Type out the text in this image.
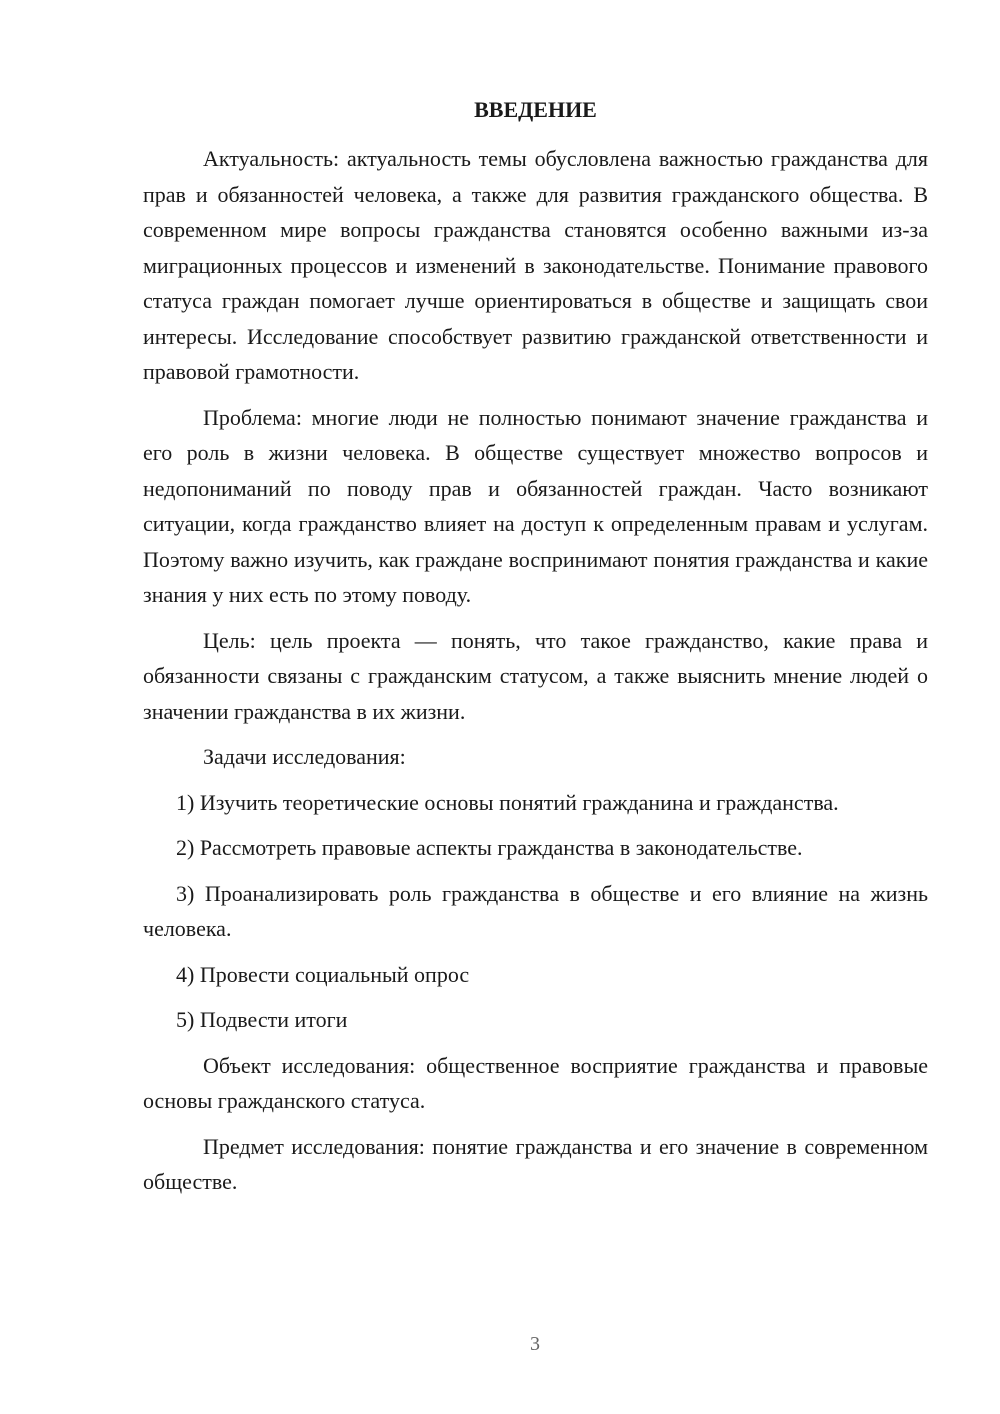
ВВЕДЕНИЕ

Актуальность: актуальность темы обусловлена важностью гражданства для прав и обязанностей человека, а также для развития гражданского общества. В современном мире вопросы гражданства становятся особенно важными из-за миграционных процессов и изменений в законодательстве. Понимание правового статуса граждан помогает лучше ориентироваться в обществе и защищать свои интересы. Исследование способствует развитию гражданской ответственности и правовой грамотности.

Проблема: многие люди не полностью понимают значение гражданства и его роль в жизни человека. В обществе существует множество вопросов и недопониманий по поводу прав и обязанностей граждан. Часто возникают ситуации, когда гражданство влияет на доступ к определенным правам и услугам. Поэтому важно изучить, как граждане воспринимают понятия гражданства и какие знания у них есть по этому поводу.

Цель: цель проекта — понять, что такое гражданство, какие права и обязанности связаны с гражданским статусом, а также выяснить мнение людей о значении гражданства в их жизни.

Задачи исследования:

1) Изучить теоретические основы понятий гражданина и гражданства.

2) Рассмотреть правовые аспекты гражданства в законодательстве.

3) Проанализировать роль гражданства в обществе и его влияние на жизнь человека.

4) Провести социальный опрос

5) Подвести итоги

Объект исследования: общественное восприятие гражданства и правовые основы гражданского статуса.

Предмет исследования: понятие гражданства и его значение в современном обществе.

3
